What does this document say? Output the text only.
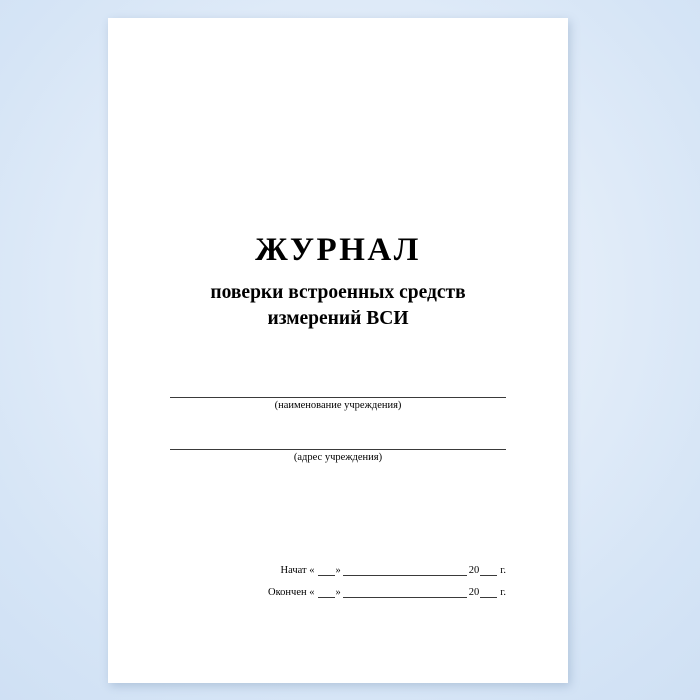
ЖУРНАЛ
поверки встроенных средств
измерений ВСИ
(наименование учреждения)
(адрес учреждения)
Начат « »	20 г.
Окончен « »	20 г.
